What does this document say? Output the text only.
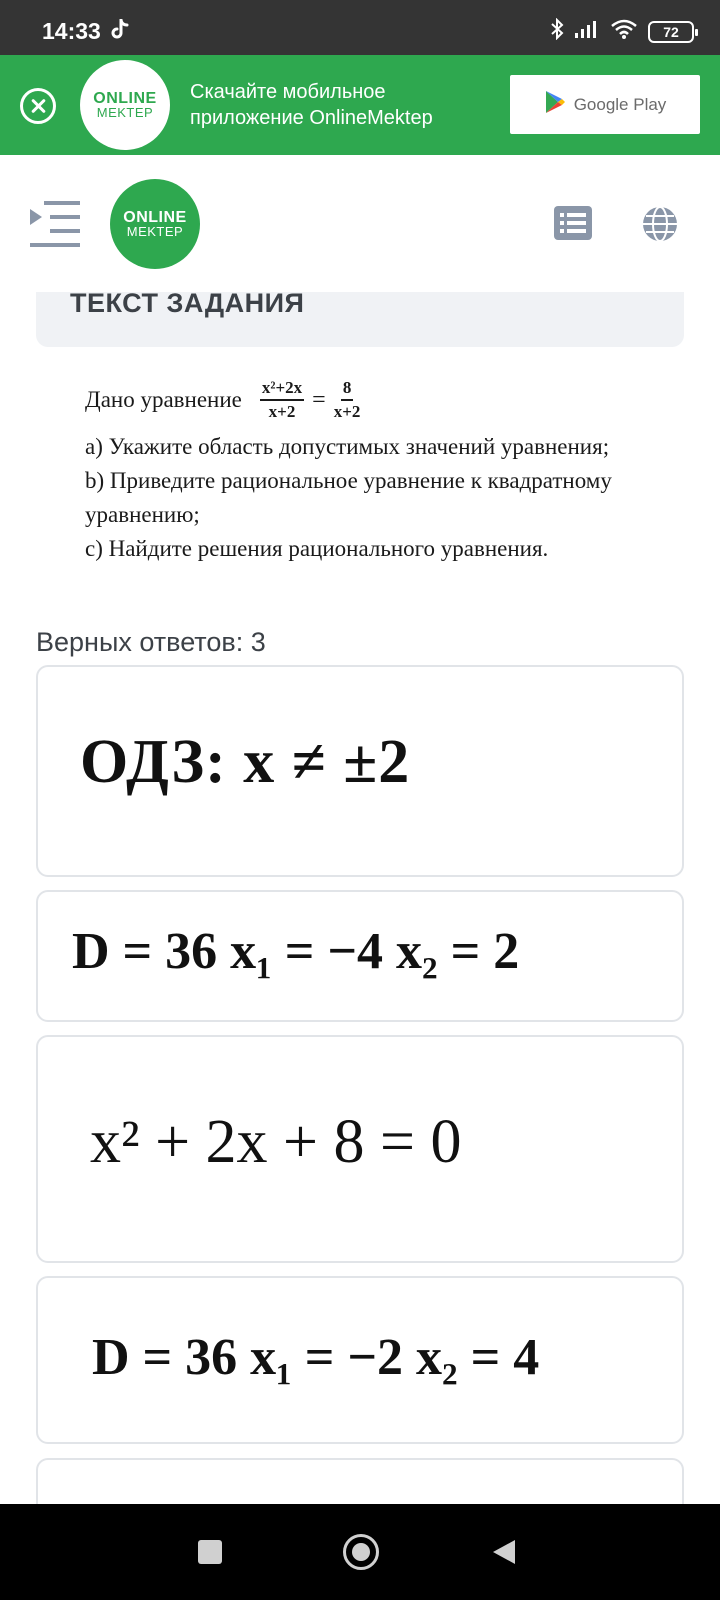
14:33	72
ONLINE
MEKTEP
Скачайте мобильное приложение OnlineMektep
Google Play
ONLINE
MEKTEP
ТЕКСТ ЗАДАНИЯ
Дано уравнение $\frac{\text{x²+2x}}{x+2} = \frac{8}{x+2}$
a) Укажите область допустимых значений уравнения;
b) Приведите рациональное уравнение к квадратному уравнению;
c) Найдите решения рационального уравнения.
Верных ответов: 3
ОДЗ: x ≠ ±2
D = 36 x₁ = −4 x₂ = 2
x² + 2x + 8 = 0
D = 36 x₁ = −2 x₂ = 4
